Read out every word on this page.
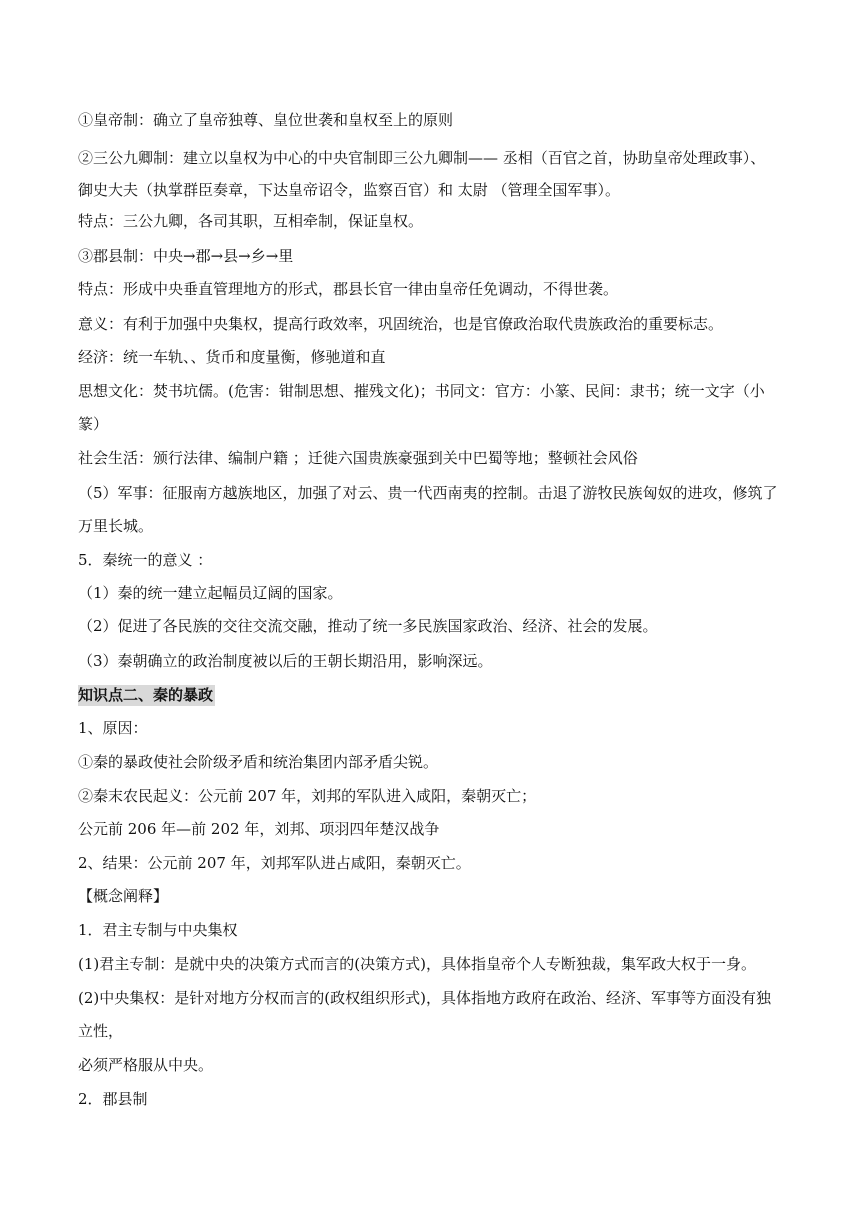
①皇帝制：确立了皇帝独尊、皇位世袭和皇权至上的原则
②三公九卿制：建立以皇权为中心的中央官制即三公九卿制—— 丞相（百官之首，协助皇帝处理政事）、
御史大夫（执掌群臣奏章，下达皇帝诏令，监察百官）和 太尉 （管理全国军事）。
特点：三公九卿，各司其职，互相牵制，保证皇权。
③郡县制：中央→郡→县→乡→里
特点：形成中央垂直管理地方的形式，郡县长官一律由皇帝任免调动，不得世袭。
意义：有利于加强中央集权，提高行政效率，巩固统治，也是官僚政治取代贵族政治的重要标志。
经济：统一车轨、、货币和度量衡，修驰道和直
思想文化：焚书坑儒。(危害：钳制思想、摧残文化)；书同文：官方：小篆、民间：隶书；统一文字（小
篆）
社会生活：颁行法律、编制户籍 ；迁徙六国贵族豪强到关中巴蜀等地；整顿社会风俗
（5）军事：征服南方越族地区，加强了对云、贵一代西南夷的控制。击退了游牧民族匈奴的进攻，修筑了
万里长城。
5．秦统一的意义 ：
（1）秦的统一建立起幅员辽阔的国家。
（2）促进了各民族的交往交流交融，推动了统一多民族国家政治、经济、社会的发展。
（3）秦朝确立的政治制度被以后的王朝长期沿用，影响深远。
知识点二、秦的暴政
1、原因：
①秦的暴政使社会阶级矛盾和统治集团内部矛盾尖锐。
②秦末农民起义：公元前 207 年，刘邦的军队进入咸阳，秦朝灭亡；
公元前 206 年—前 202 年，刘邦、项羽四年楚汉战争
2、结果：公元前 207 年，刘邦军队进占咸阳，秦朝灭亡。
【概念阐释】
1．君主专制与中央集权
(1)君主专制：是就中央的决策方式而言的(决策方式)，具体指皇帝个人专断独裁，集军政大权于一身。
(2)中央集权：是针对地方分权而言的(政权组织形式)，具体指地方政府在政治、经济、军事等方面没有独
立性，
必须严格服从中央。
2．郡县制
